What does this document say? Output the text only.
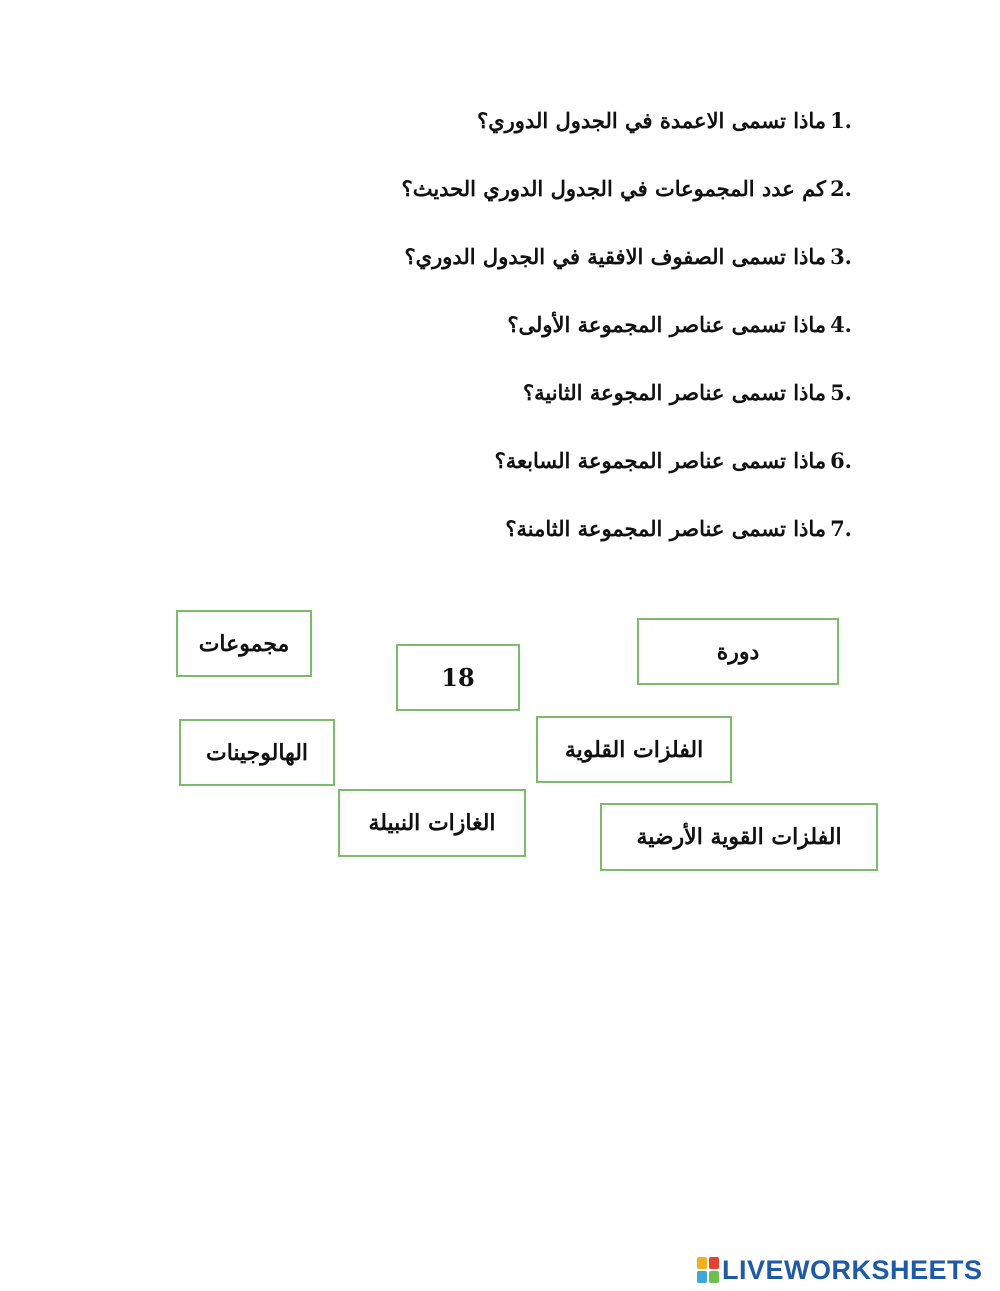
1.
ماذا تسمى الاعمدة في الجدول الدوري؟
2.
كم عدد المجموعات في الجدول الدوري الحديث؟
3.
ماذا تسمى الصفوف الافقية في الجدول الدوري؟
4.
ماذا تسمى عناصر المجموعة الأولى؟
5.
ماذا تسمى عناصر المجوعة الثانية؟
6.
ماذا تسمى عناصر المجموعة السابعة؟
7.
ماذا تسمى عناصر المجموعة الثامنة؟
مجموعات
18
دورة
الهالوجينات	الفلزات القلوية
الغازات النبيلة
الفلزات القوية الأرضية
LIVEWORKSHEETS
